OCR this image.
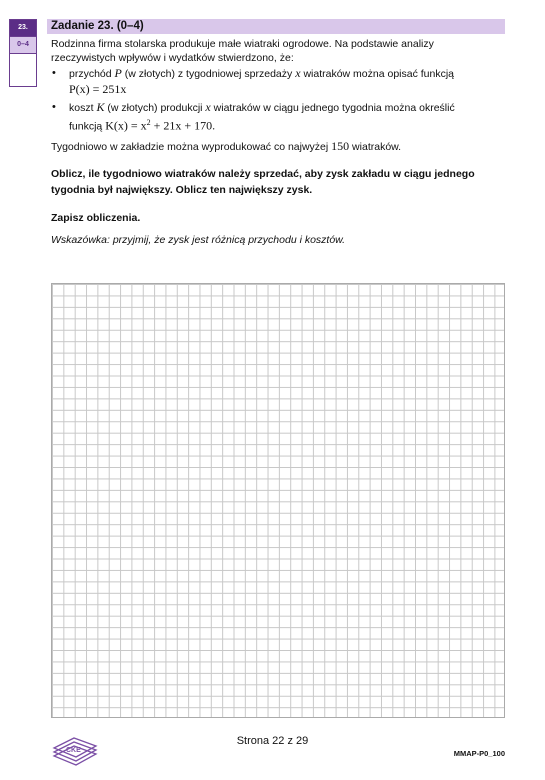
23.
0–4
Zadanie 23. (0–4)
Rodzinna firma stolarska produkuje małe wiatraki ogrodowe. Na podstawie analizy
rzeczywistych wpływów i wydatków stwierdzono, że:
• przychód P (w złotych) z tygodniowej sprzedaży x wiatraków można opisać funkcją
P(x) = 251x
• koszt K (w złotych) produkcji x wiatraków w ciągu jednego tygodnia można określić
funkcją $K(x) = x^2 + 21x + 170$.
Tygodniowo w zakładzie można wyprodukować co najwyżej 150 wiatraków.
Oblicz, ile tygodniowo wiatraków należy sprzedać, aby zysk zakładu w ciągu jednego
tygodnia był największy. Oblicz ten największy zysk.
Zapisz obliczenia.
Wskazówka: przyjmij, że zysk jest różnicą przychodu i kosztów.
CKE
Strona 22 z 29
MMAP-P0_100
